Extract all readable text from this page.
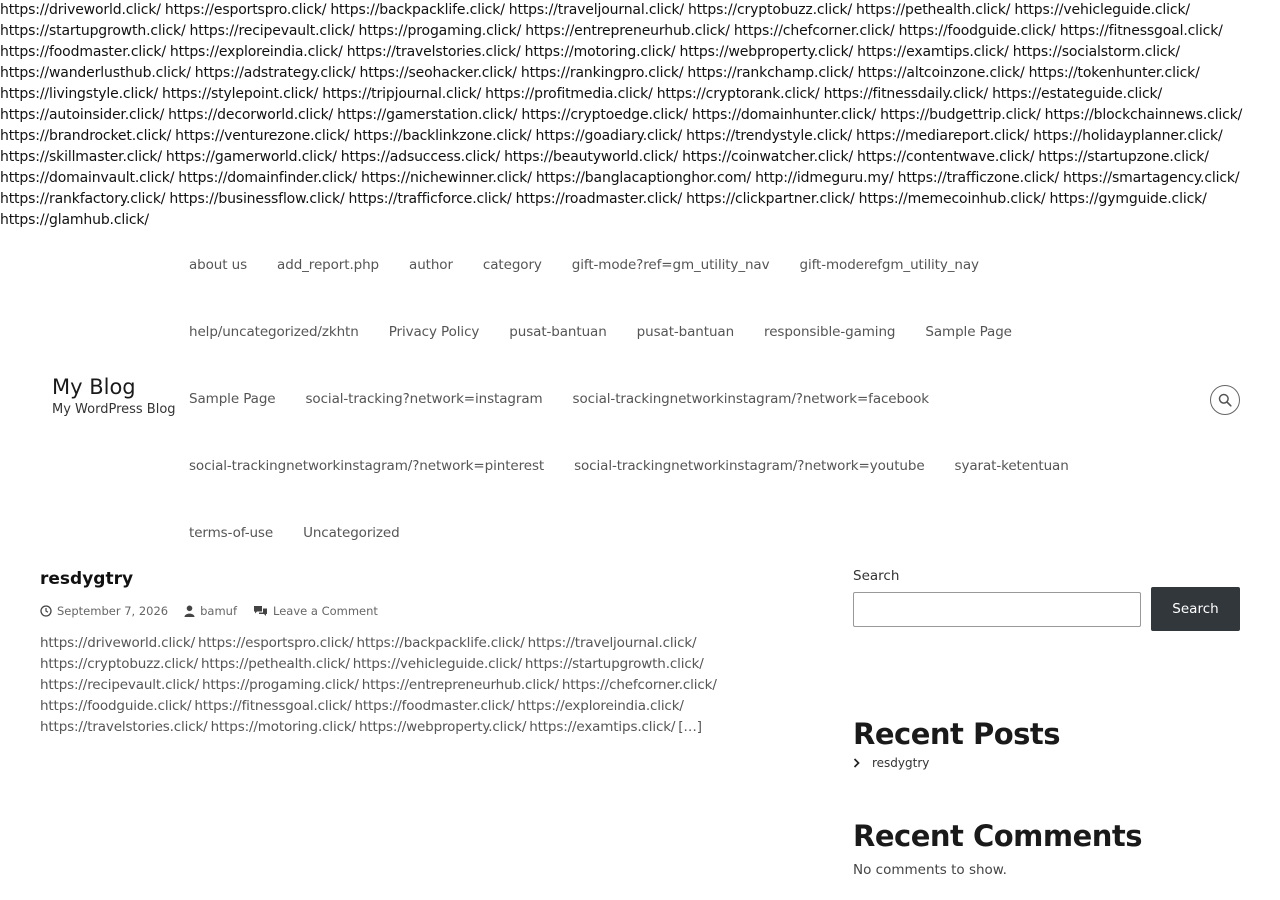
https://driveworld.click/ https://esportspro.click/ https://backpacklife.click/ https://traveljournal.click/ https://cryptobuzz.click/ https://pethealth.click/ https://vehicleguide.click/
https://startupgrowth.click/ https://recipevault.click/ https://progaming.click/ https://entrepreneurhub.click/ https://chefcorner.click/ https://foodguide.click/ https://fitnessgoal.click/
https://foodmaster.click/ https://exploreindia.click/ https://travelstories.click/ https://motoring.click/ https://webproperty.click/ https://examtips.click/ https://socialstorm.click/
https://wanderlusthub.click/ https://adstrategy.click/ https://seohacker.click/ https://rankingpro.click/ https://rankchamp.click/ https://altcoinzone.click/ https://tokenhunter.click/
https://livingstyle.click/ https://stylepoint.click/ https://tripjournal.click/ https://profitmedia.click/ https://cryptorank.click/ https://fitnessdaily.click/ https://estateguide.click/
https://autoinsider.click/ https://decorworld.click/ https://gamerstation.click/ https://cryptoedge.click/ https://domainhunter.click/ https://budgettrip.click/ https://blockchainnews.click/
https://brandrocket.click/ https://venturezone.click/ https://backlinkzone.click/ https://goadiary.click/ https://trendystyle.click/ https://mediareport.click/ https://holidayplanner.click/
https://skillmaster.click/ https://gamerworld.click/ https://adsuccess.click/ https://beautyworld.click/ https://coinwatcher.click/ https://contentwave.click/ https://startupzone.click/
https://domainvault.click/ https://domainfinder.click/ https://nichewinner.click/ https://banglacaptionghor.com/ http://idmeguru.my/ https://trafficzone.click/ https://smartagency.click/
https://rankfactory.click/ https://businessflow.click/ https://trafficforce.click/ https://roadmaster.click/ https://clickpartner.click/ https://memecoinhub.click/ https://gymguide.click/
https://glamhub.click/
My Blog
My WordPress Blog
about us add_report.php author category gift-mode?ref=gm_utility_nav gift-moderefgm_utility_nay
help/uncategorized/zkhtn Privacy Policy pusat-bantuan pusat-bantuan responsible-gaming Sample Page
Sample Page social-tracking?network=instagram social-trackingnetworkinstagram/?network=facebook
social-trackingnetworkinstagram/?network=pinterest social-trackingnetworkinstagram/?network=youtube syarat-ketentuan
terms-of-use Uncategorized
resdygtry
September 7, 2026	bamuf	Leave a Comment
https://driveworld.click/ https://esportspro.click/ https://backpacklife.click/ https://traveljournal.click/
https://cryptobuzz.click/ https://pethealth.click/ https://vehicleguide.click/ https://startupgrowth.click/
https://recipevault.click/ https://progaming.click/ https://entrepreneurhub.click/ https://chefcorner.click/
https://foodguide.click/ https://fitnessgoal.click/ https://foodmaster.click/ https://exploreindia.click/
https://travelstories.click/ https://motoring.click/ https://webproperty.click/ https://examtips.click/ […]
Search
Search
Recent Posts
resdygtry
Recent Comments
No comments to show.
